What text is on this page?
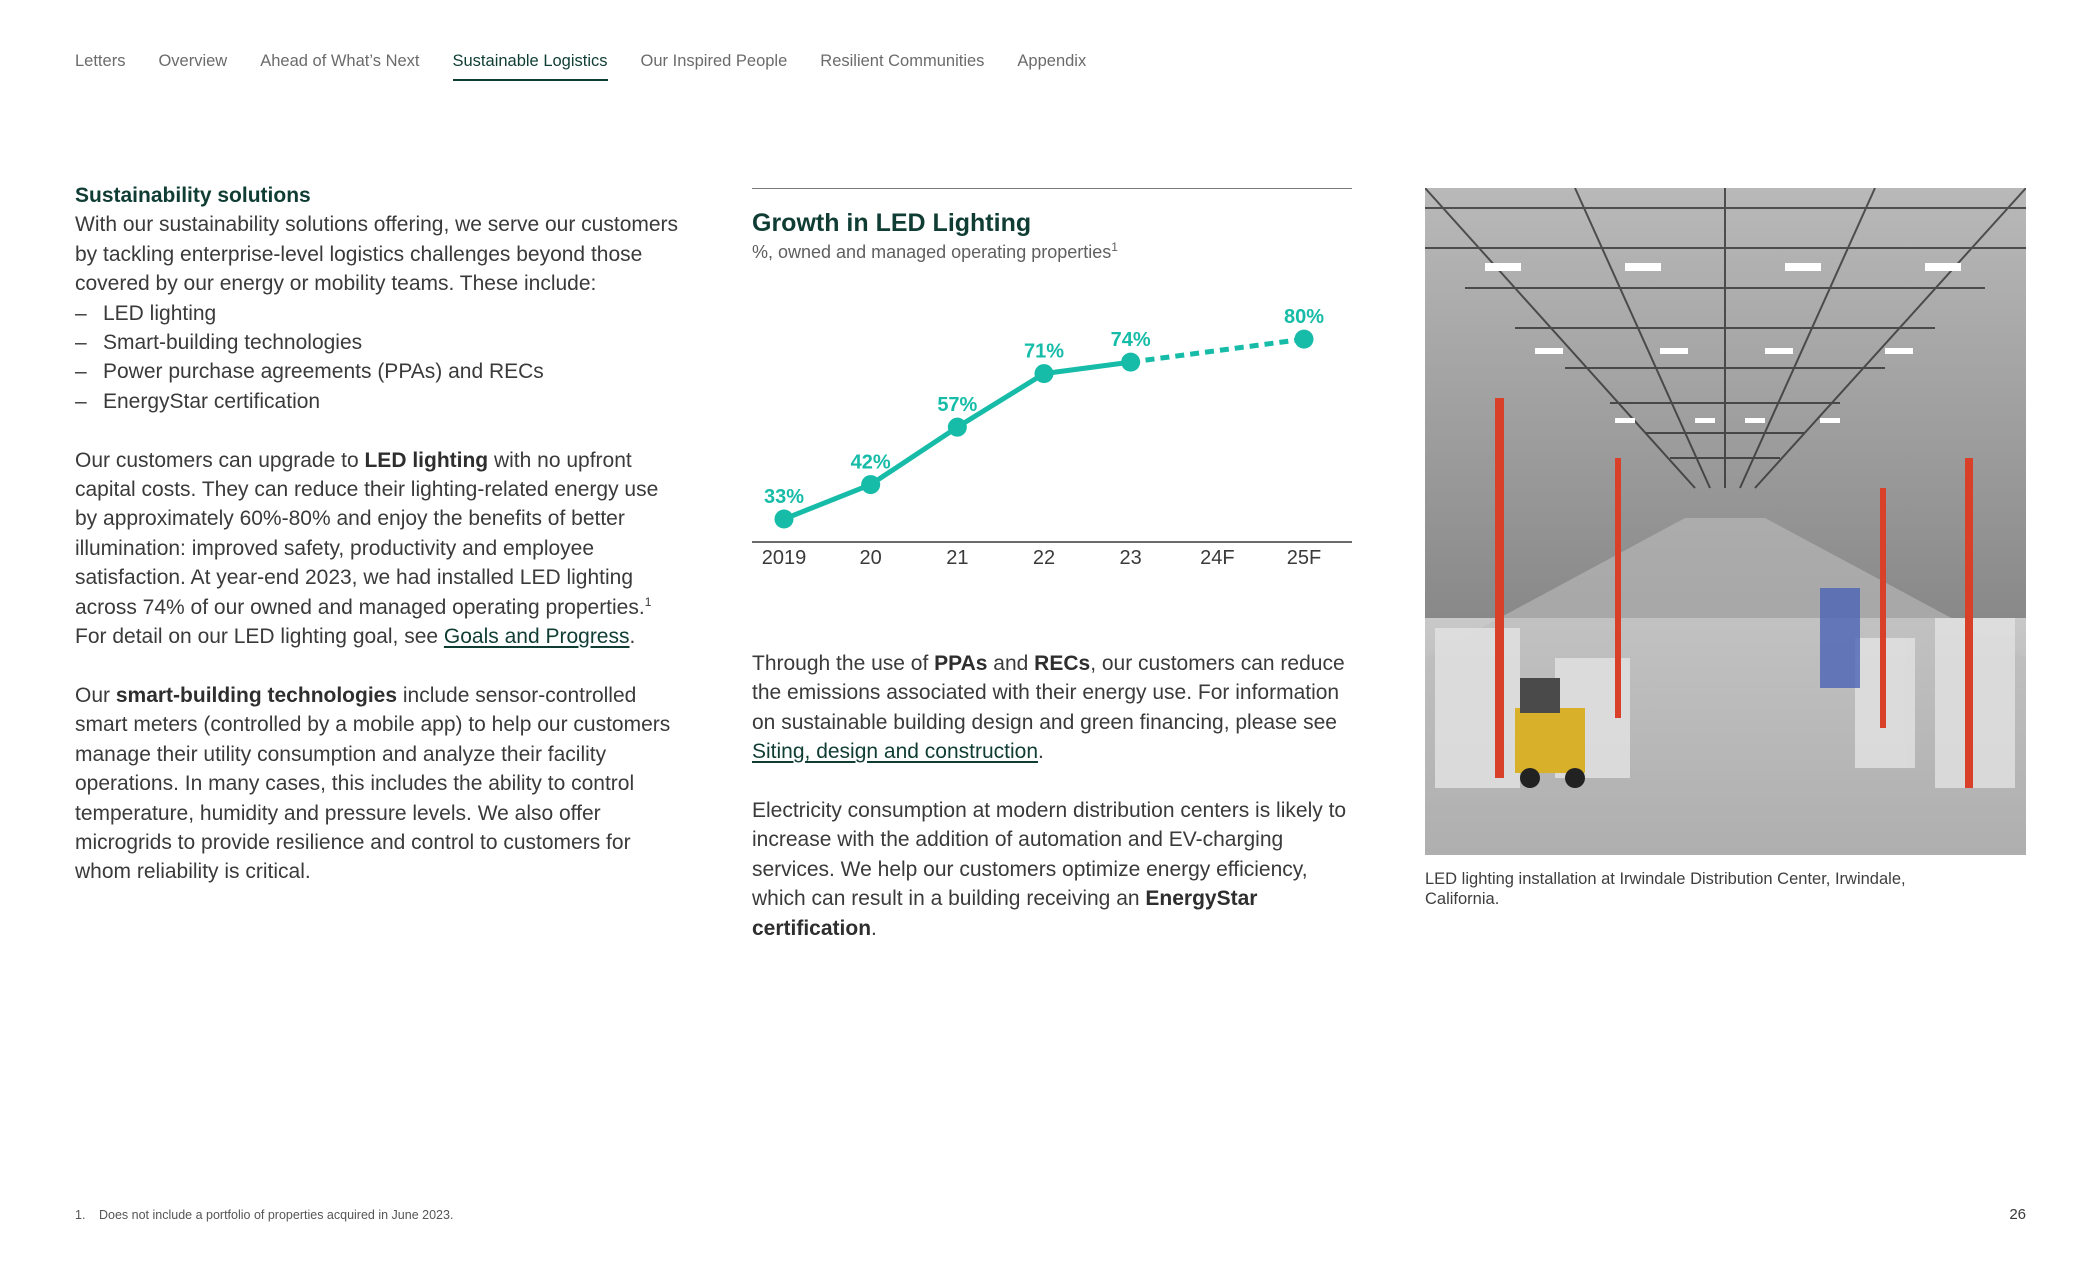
Letters Overview Ahead of What’s Next Sustainable Logistics Our Inspired People Resilient Communities Appendix

Sustainability solutions

With our sustainability solutions offering, we serve our customers by tackling enterprise-level logistics challenges beyond those covered by our energy or mobility teams. These include:

– LED lighting
– Smart-building technologies
– Power purchase agreements (PPAs) and RECs
– EnergyStar certification

Our customers can upgrade to LED lighting with no upfront capital costs. They can reduce their lighting-related energy use by approximately 60%-80% and enjoy the benefits of better illumination: improved safety, productivity and employee satisfaction. At year-end 2023, we had installed LED lighting across 74% of our owned and managed operating properties.$^1$ For detail on our LED lighting goal, see Goals and Progress.

Our smart-building technologies include sensor-controlled smart meters (controlled by a mobile app) to help our customers manage their utility consumption and analyze their facility operations. In many cases, this includes the ability to control temperature, humidity and pressure levels. We also offer microgrids to provide resilience and control to customers for whom reliability is critical.

Growth in LED Lighting
%, owned and managed operating properties$^1$
2019	20	21	22	23	24F	25F
33%
42%
57%
71%
74%
80%

Through the use of PPAs and RECs, our customers can reduce the emissions associated with their energy use. For information on sustainable building design and green financing, please see Siting, design and construction.

Electricity consumption at modern distribution centers is likely to increase with the addition of automation and EV-charging services. We help our customers optimize energy efficiency, which can result in a building receiving an EnergyStar certification.

LED lighting installation at Irwindale Distribution Center, Irwindale, California.
1. Does not include a portfolio of properties acquired in June 2023.	26
